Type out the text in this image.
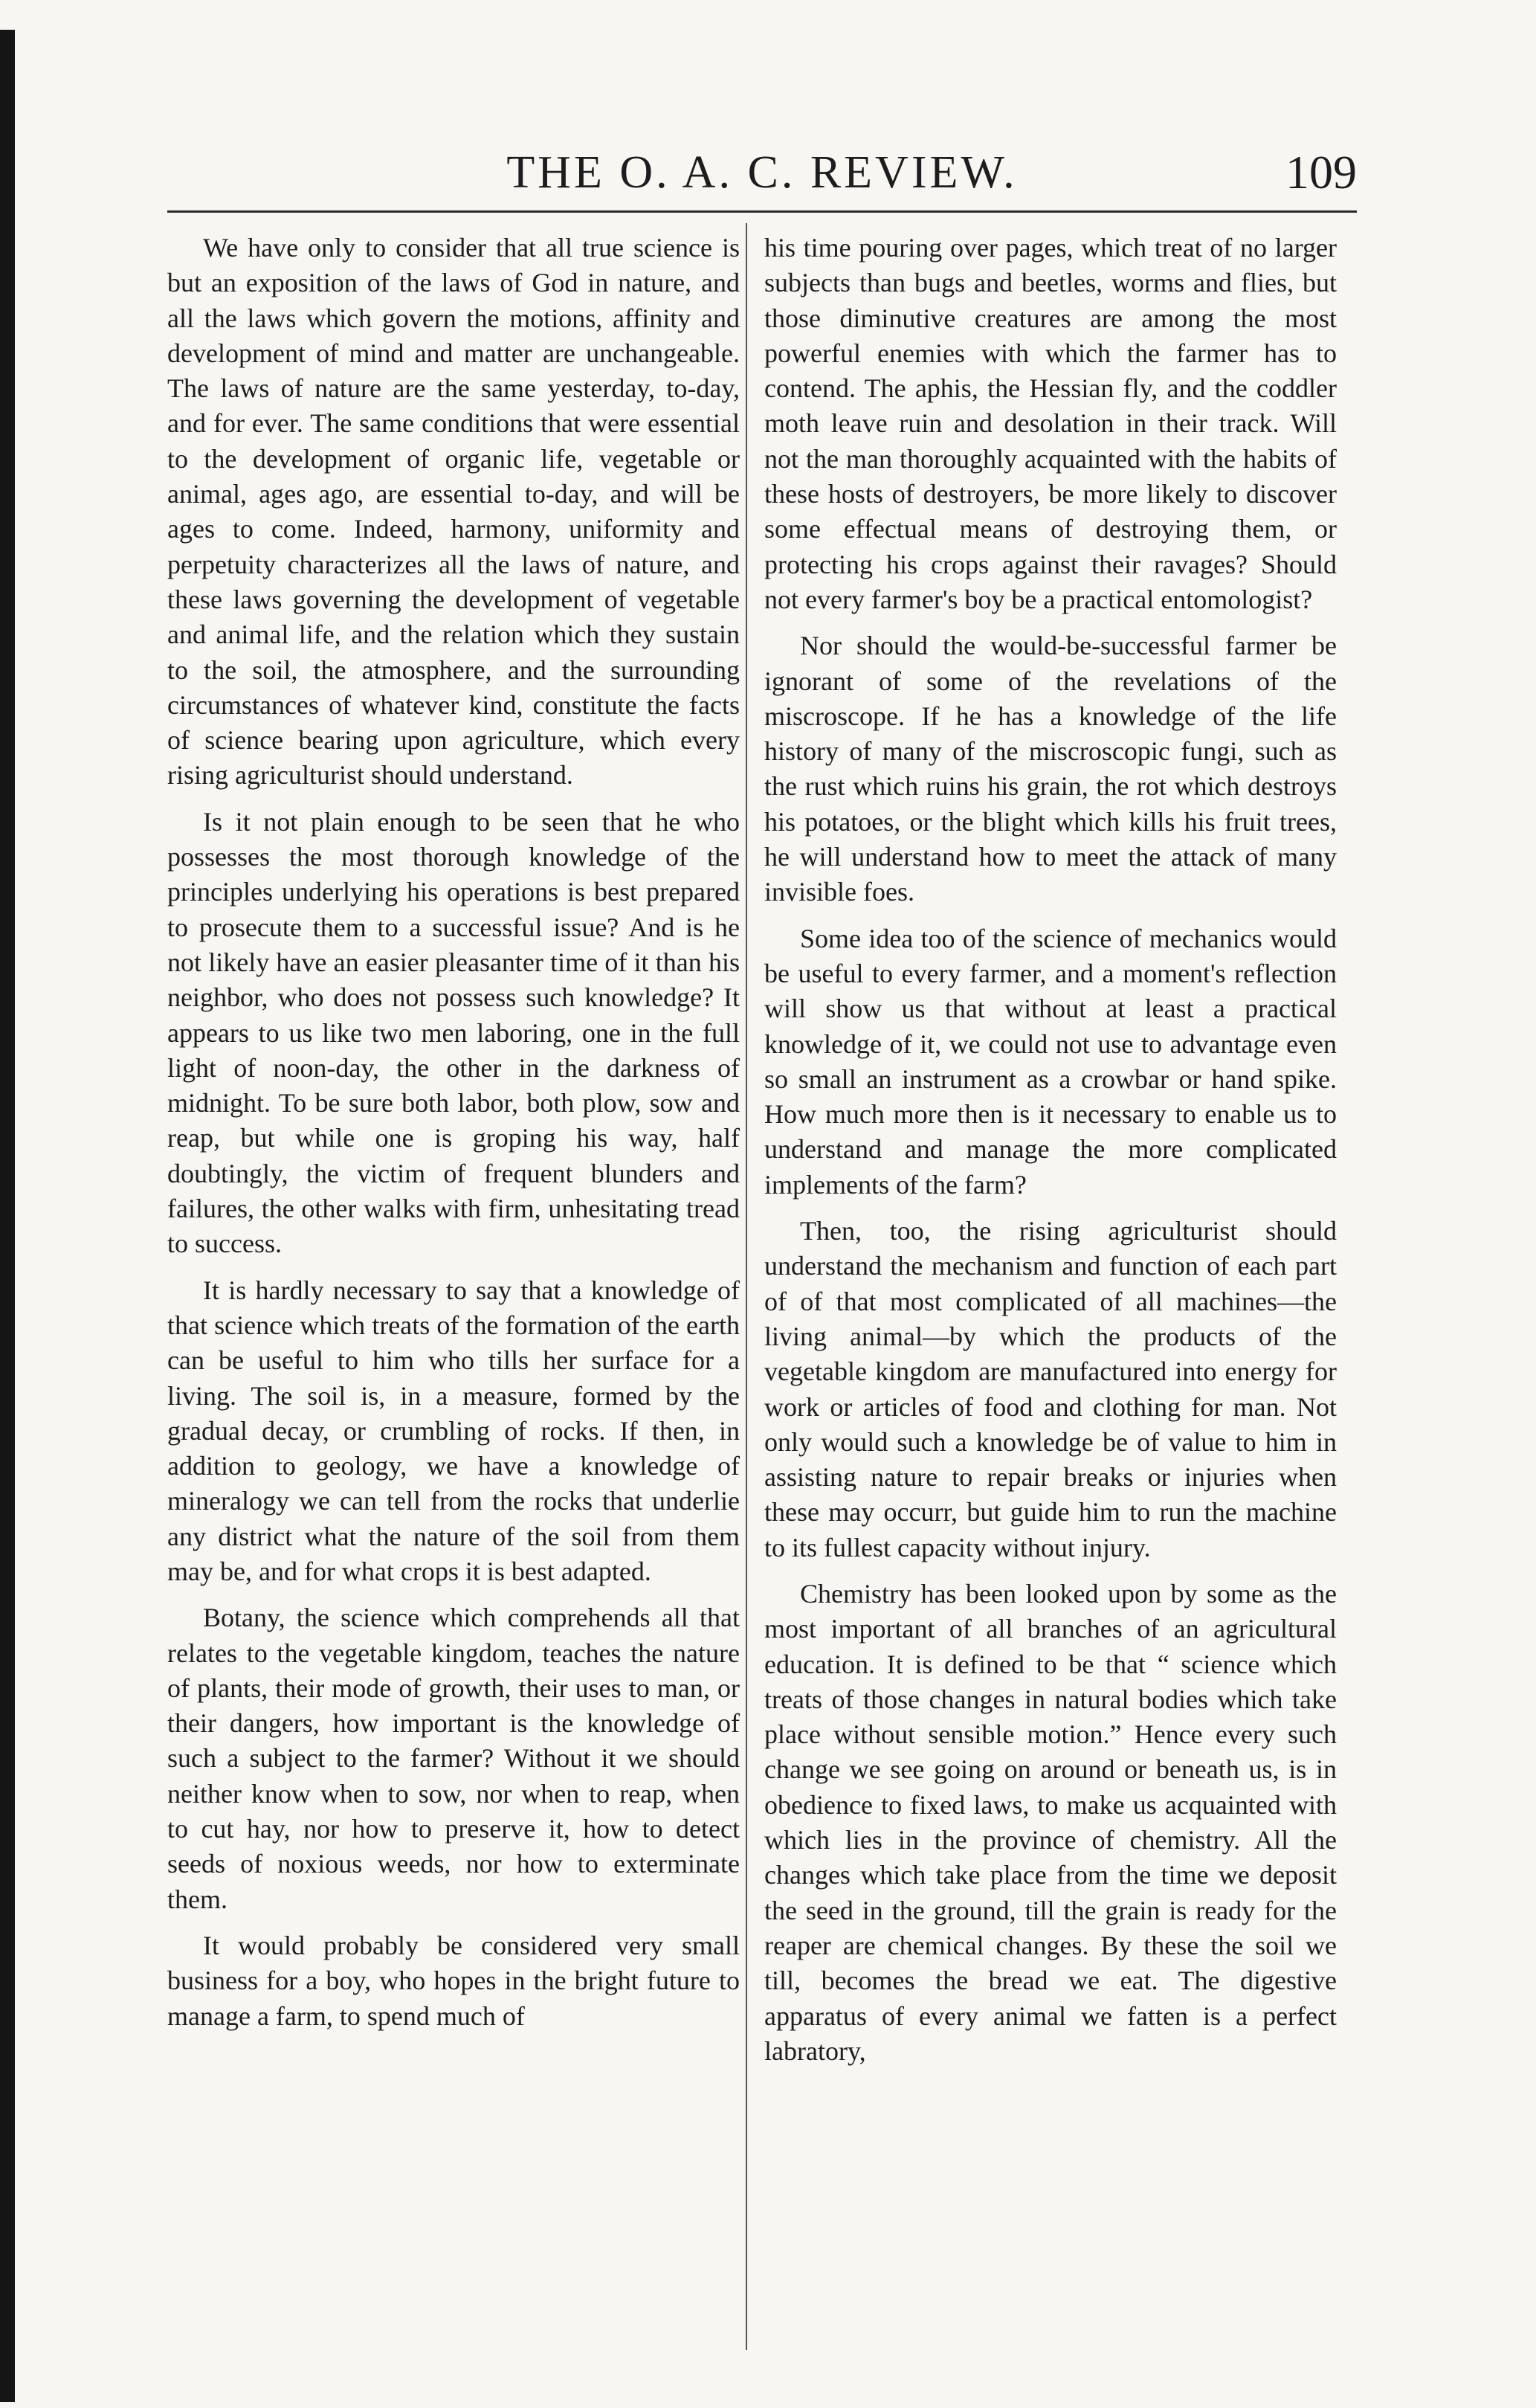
THE O. A. C. REVIEW.	109

We have only to consider that all true science is but an exposition of the laws of God in nature, and all the laws which govern the motions, affinity and development of mind and matter are unchangeable. The laws of nature are the same yesterday, to-day, and for ever. The same conditions that were essential to the development of organic life, vegetable or animal, ages ago, are essential to-day, and will be ages to come. Indeed, harmony, uniformity and perpetuity characterizes all the laws of nature, and these laws governing the development of vegetable and animal life, and the relation which they sustain to the soil, the atmosphere, and the surrounding circumstances of whatever kind, constitute the facts of science bearing upon agriculture, which every rising agriculturist should understand.

Is it not plain enough to be seen that he who possesses the most thorough knowledge of the principles underlying his operations is best prepared to prosecute them to a successful issue? And is he not likely have an easier pleasanter time of it than his neighbor, who does not possess such knowledge? It appears to us like two men laboring, one in the full light of noon-day, the other in the darkness of midnight. To be sure both labor, both plow, sow and reap, but while one is groping his way, half doubtingly, the victim of frequent blunders and failures, the other walks with firm, unhesitating tread to success.

It is hardly necessary to say that a knowledge of that science which treats of the formation of the earth can be useful to him who tills her surface for a living. The soil is, in a measure, formed by the gradual decay, or crumbling of rocks. If then, in addition to geology, we have a knowledge of mineralogy we can tell from the rocks that underlie any district what the nature of the soil from them may be, and for what crops it is best adapted.

Botany, the science which comprehends all that relates to the vegetable kingdom, teaches the nature of plants, their mode of growth, their uses to man, or their dangers, how important is the knowledge of such a subject to the farmer? Without it we should neither know when to sow, nor when to reap, when to cut hay, nor how to preserve it, how to detect seeds of noxious weeds, nor how to exterminate them.

It would probably be considered very small business for a boy, who hopes in the bright future to manage a farm, to spend much of

his time pouring over pages, which treat of no larger subjects than bugs and beetles, worms and flies, but those diminutive creatures are among the most powerful enemies with which the farmer has to contend. The aphis, the Hessian fly, and the coddler moth leave ruin and desolation in their track. Will not the man thoroughly acquainted with the habits of these hosts of destroyers, be more likely to discover some effectual means of destroying them, or protecting his crops against their ravages? Should not every farmer's boy be a practical entomologist?

Nor should the would-be-successful farmer be ignorant of some of the revelations of the miscroscope. If he has a knowledge of the life history of many of the miscroscopic fungi, such as the rust which ruins his grain, the rot which destroys his potatoes, or the blight which kills his fruit trees, he will understand how to meet the attack of many invisible foes.

Some idea too of the science of mechanics would be useful to every farmer, and a moment's reflection will show us that without at least a practical knowledge of it, we could not use to advantage even so small an instrument as a crowbar or hand spike. How much more then is it necessary to enable us to understand and manage the more complicated implements of the farm?

Then, too, the rising agriculturist should understand the mechanism and function of each part of of that most complicated of all machines—the living animal—by which the products of the vegetable kingdom are manufactured into energy for work or articles of food and clothing for man. Not only would such a knowledge be of value to him in assisting nature to repair breaks or injuries when these may occurr, but guide him to run the machine to its fullest capacity without injury.

Chemistry has been looked upon by some as the most important of all branches of an agricultural education. It is defined to be that “ science which treats of those changes in natural bodies which take place without sensible motion.” Hence every such change we see going on around or beneath us, is in obedience to fixed laws, to make us acquainted with which lies in the province of chemistry. All the changes which take place from the time we deposit the seed in the ground, till the grain is ready for the reaper are chemical changes. By these the soil we till, becomes the bread we eat. The digestive apparatus of every animal we fatten is a perfect labratory,
